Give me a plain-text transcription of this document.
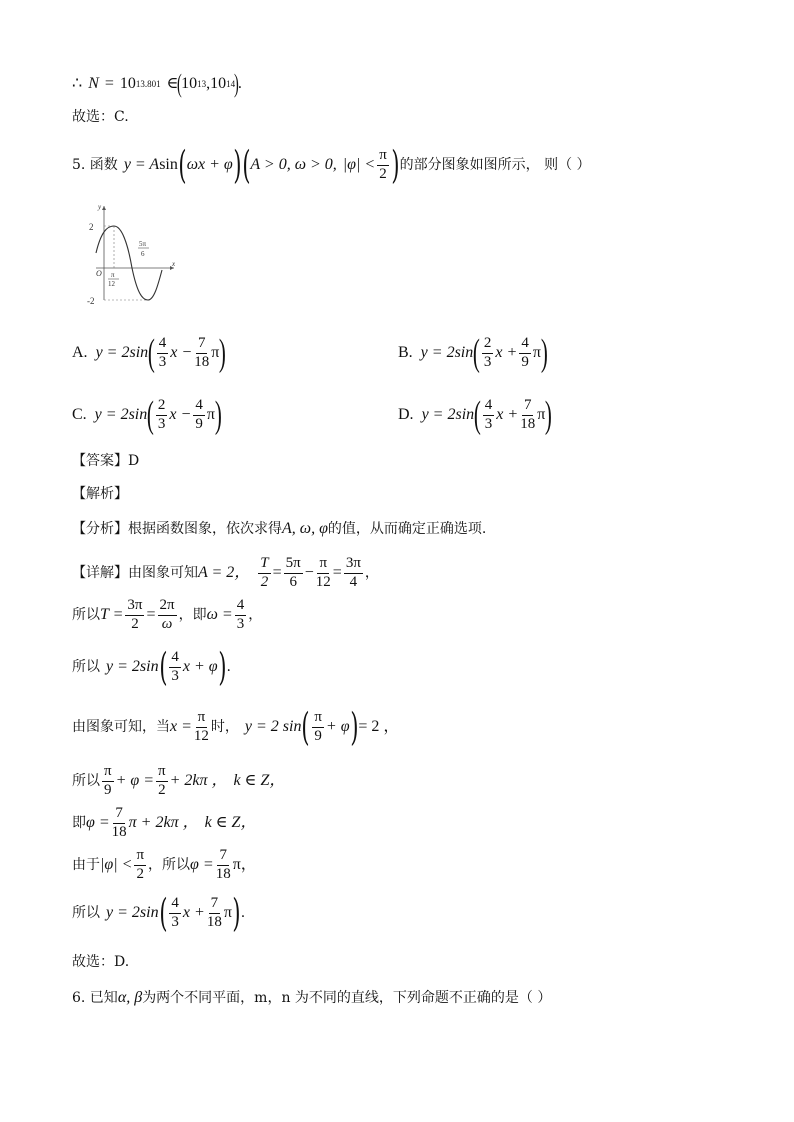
∴ N = 10 13.801 ∈
(
10 13 , 10 14
)
.
故选：C.
5. 函数 y = A sin ( ωx + φ ) ( A > 0, ω > 0, $|\varphi| < \frac{\pi}{2}$ ) 的部分图象如图所示， 则（ ）
y
x
O
2
-2
π
12
5π
6
A. y = 2sin ( $\frac{4}{3}$ $x - \frac{7}{18}$ π )	B. y = 2sin ( $\frac{2}{3}$ $x + \frac{4}{9}$ π )
C. y = 2sin ( $\frac{2}{3}$ $x - \frac{4}{9}$ π )	D. y = 2sin ( $\frac{4}{3}$ $x + \frac{7}{18}$ π )
【答案】D
【解析】
【分析】根据函数图象，依次求得 A, ω, φ 的值，从而确定正确选项.
【详解】由图象可知 A = 2， $\frac{T}{2} = \frac{5\pi}{6} - \frac{\pi}{12} = \frac{3\pi}{4}$ ，
所以 $T = \frac{3\pi}{2} = \frac{2\pi}{\omega}$ ，即 $\omega = \frac{4}{3}$ ，
所以 y = 2sin ( $\frac{4}{3}$ x + φ ) .
由图象可知，当 $x = \frac{\pi}{12}$ 时， y = 2 sin ( $\frac{\pi}{9} + \varphi$ ) = 2 ，
所以 $\frac{\pi}{9} + \varphi = \frac{\pi}{2} + 2k\pi$ ， k ∈ Z，
即 $\varphi = \frac{7}{18}$ π + 2kπ ， k ∈ Z，
由于 $|\varphi| < \frac{\pi}{2}$ ，所以 $\varphi = \frac{7}{18}$ π，
所以 y = 2sin ( $\frac{4}{3}$ $x + \frac{7}{18}$ π ) .
故选：D.
6. 已知 α, β 为两个不同平面，m，n 为不同的直线，下列命题不正确的是（ ）
